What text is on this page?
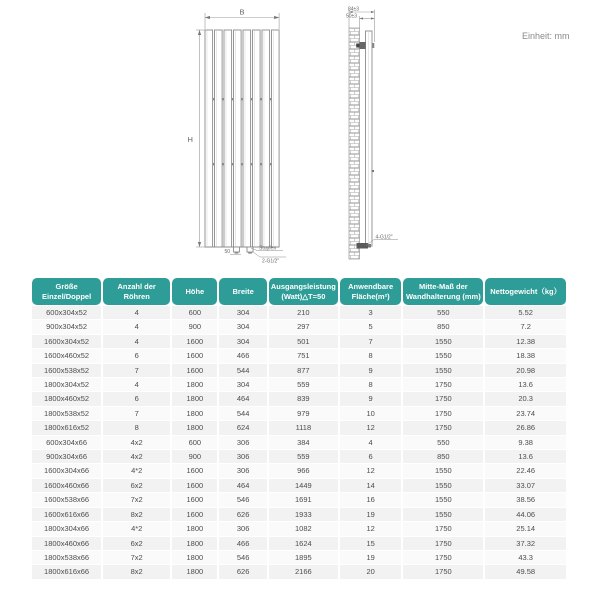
B
H
50
Stopfen
2-G1/2"
84±3
50±3
4-G1/2"
Einheit: mm
Größe Einzel/Doppel	Anzahl der Röhren	Höhe	Breite	Ausgangsleistung (Watt)△T=50	Anwendbare Fläche(m²)	Mitte-Maß der Wandhalterung (mm)	Nettogewicht（kg）
600x304x52	4	600	304	210	3	550	5.52
900x304x52	4	900	304	297	5	850	7.2
1600x304x52	4	1600	304	501	7	1550	12.38
1600x460x52	6	1600	466	751	8	1550	18.38
1600x538x52	7	1600	544	877	9	1550	20.98
1800x304x52	4	1800	304	559	8	1750	13.6
1800x460x52	6	1800	464	839	9	1750	20.3
1800x538x52	7	1800	544	979	10	1750	23.74
1800x616x52	8	1800	624	1118	12	1750	26.86
600x304x66	4x2	600	306	384	4	550	9.38
900x304x66	4x2	900	306	559	6	850	13.6
1600x304x66	4*2	1600	306	966	12	1550	22.46
1600x460x66	6x2	1600	464	1449	14	1550	33.07
1600x538x66	7x2	1600	546	1691	16	1550	38.56
1600x616x66	8x2	1600	626	1933	19	1550	44.06
1800x304x66	4*2	1800	306	1082	12	1750	25.14
1800x460x66	6x2	1800	466	1624	15	1750	37.32
1800x538x66	7x2	1800	546	1895	19	1750	43.3
1800x616x66	8x2	1800	626	2166	20	1750	49.58
